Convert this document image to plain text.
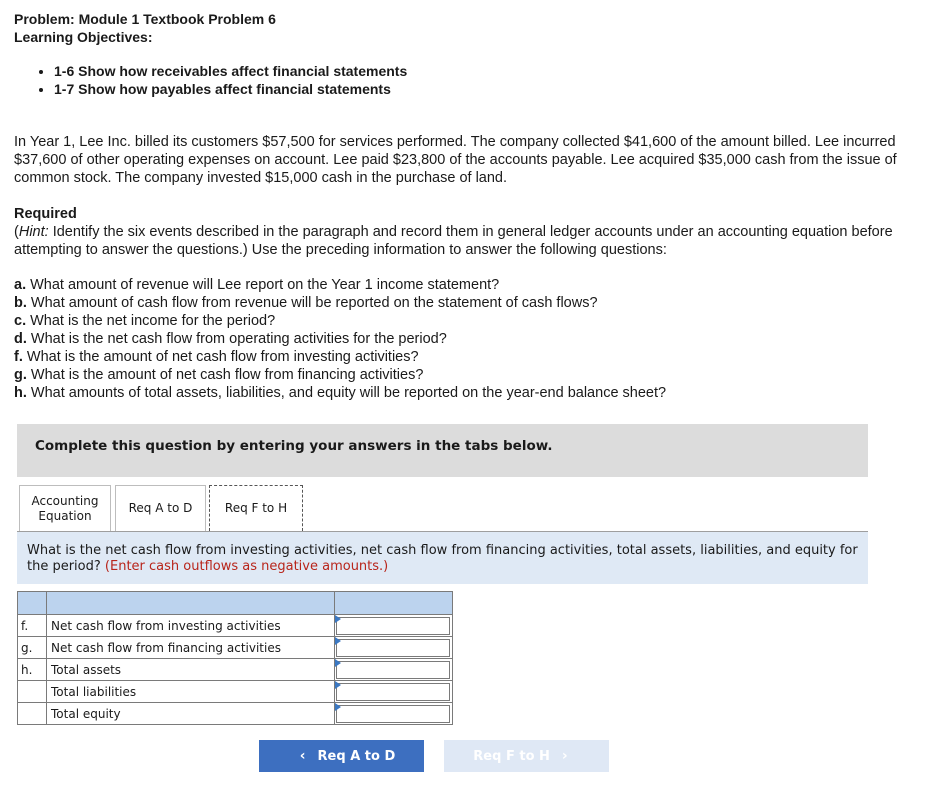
Problem: Module 1 Textbook Problem 6
Learning Objectives:
• 1-6 Show how receivables affect financial statements
• 1-7 Show how payables affect financial statements
In Year 1, Lee Inc. billed its customers $57,500 for services performed. The company collected $41,600 of the amount billed. Lee incurred $37,600 of other operating expenses on account. Lee paid $23,800 of the accounts payable. Lee acquired $35,000 cash from the issue of common stock. The company invested $15,000 cash in the purchase of land.
Required
(Hint: Identify the six events described in the paragraph and record them in general ledger accounts under an accounting equation before attempting to answer the questions.) Use the preceding information to answer the following questions:
a. What amount of revenue will Lee report on the Year 1 income statement?
b. What amount of cash flow from revenue will be reported on the statement of cash flows?
c. What is the net income for the period?
d. What is the net cash flow from operating activities for the period?
f. What is the amount of net cash flow from investing activities?
g. What is the amount of net cash flow from financing activities?
h. What amounts of total assets, liabilities, and equity will be reported on the year-end balance sheet?
Complete this question by entering your answers in the tabs below.
Accounting
Equation
Req A to D	Req F to H
What is the net cash flow from investing activities, net cash flow from financing activities, total assets, liabilities, and equity for the period? (Enter cash outflows as negative amounts.)

f.	Net cash flow from investing activities	

g.	Net cash flow from financing activities	

h.	Total assets	

	Total liabilities	

	Total equity	
‹ Req A to D	Req F to H ›
